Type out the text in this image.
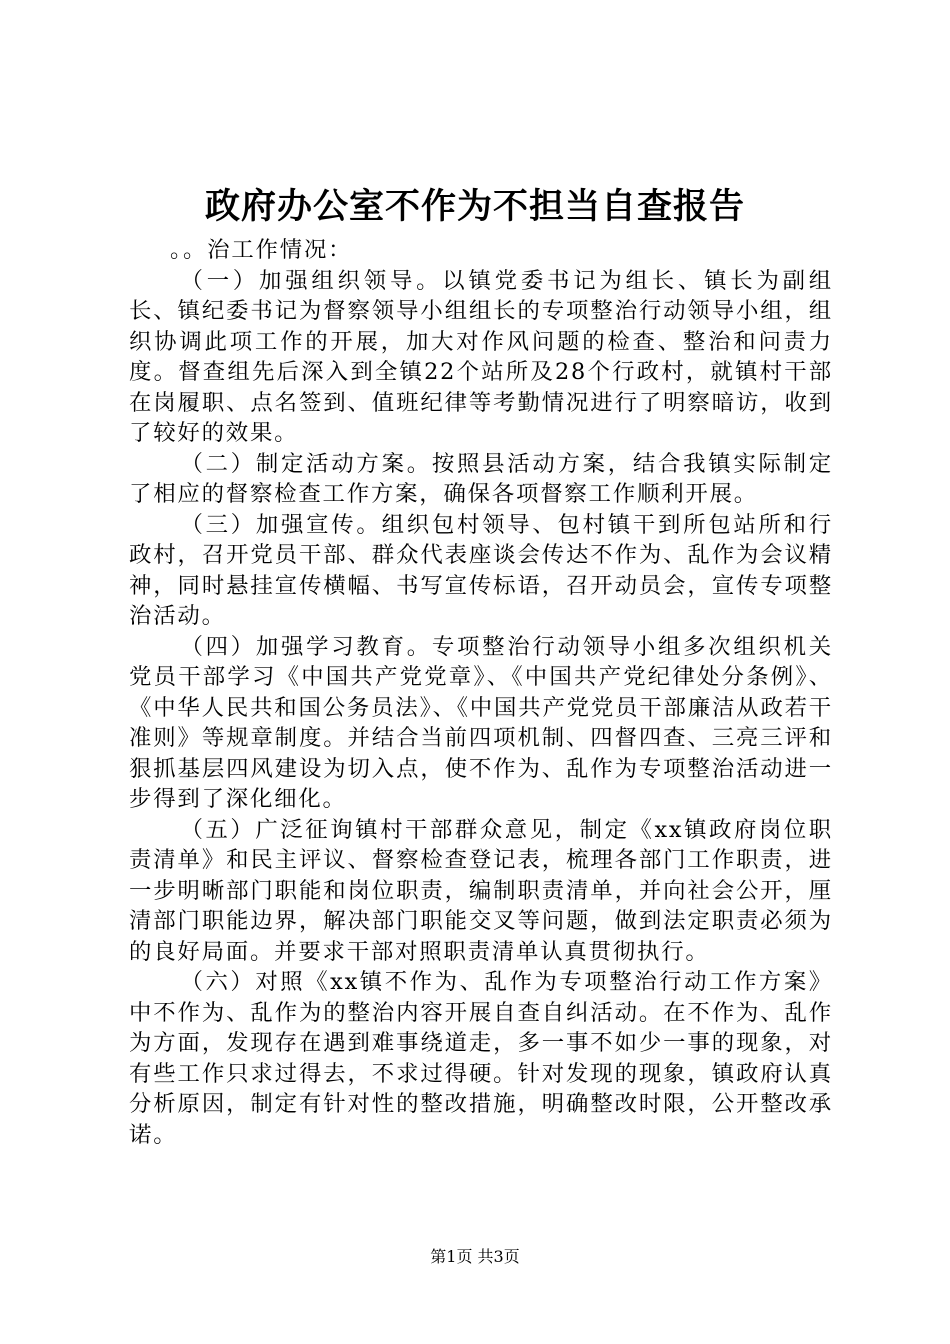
政府办公室不作为不担当自查报告

。。治工作情况：

（一）加强组织领导。以镇党委书记为组长、镇长为副组长、镇纪委书记为督察领导小组组长的专项整治行动领导小组，组织协调此项工作的开展，加大对作风问题的检查、整治和问责力度。督查组先后深入到全镇22个站所及28个行政村，就镇村干部在岗履职、点名签到、值班纪律等考勤情况进行了明察暗访，收到了较好的效果。

（二）制定活动方案。按照县活动方案，结合我镇实际制定了相应的督察检查工作方案，确保各项督察工作顺利开展。

（三）加强宣传。组织包村领导、包村镇干到所包站所和行政村，召开党员干部、群众代表座谈会传达不作为、乱作为会议精神，同时悬挂宣传横幅、书写宣传标语，召开动员会，宣传专项整治活动。

（四）加强学习教育。专项整治行动领导小组多次组织机关党员干部学习《中国共产党党章》、《中国共产党纪律处分条例》、《中华人民共和国公务员法》、《中国共产党党员干部廉洁从政若干准则》等规章制度。并结合当前四项机制、四督四查、三亮三评和狠抓基层四风建设为切入点，使不作为、乱作为专项整治活动进一步得到了深化细化。

（五）广泛征询镇村干部群众意见，制定《xx镇政府岗位职责清单》和民主评议、督察检查登记表，梳理各部门工作职责，进一步明晰部门职能和岗位职责，编制职责清单，并向社会公开，厘清部门职能边界，解决部门职能交叉等问题，做到法定职责必须为的良好局面。并要求干部对照职责清单认真贯彻执行。

（六）对照《xx镇不作为、乱作为专项整治行动工作方案》中不作为、乱作为的整治内容开展自查自纠活动。在不作为、乱作为方面，发现存在遇到难事绕道走，多一事不如少一事的现象，对有些工作只求过得去，不求过得硬。针对发现的现象，镇政府认真分析原因，制定有针对性的整改措施，明确整改时限，公开整改承诺。

第1页 共3页
